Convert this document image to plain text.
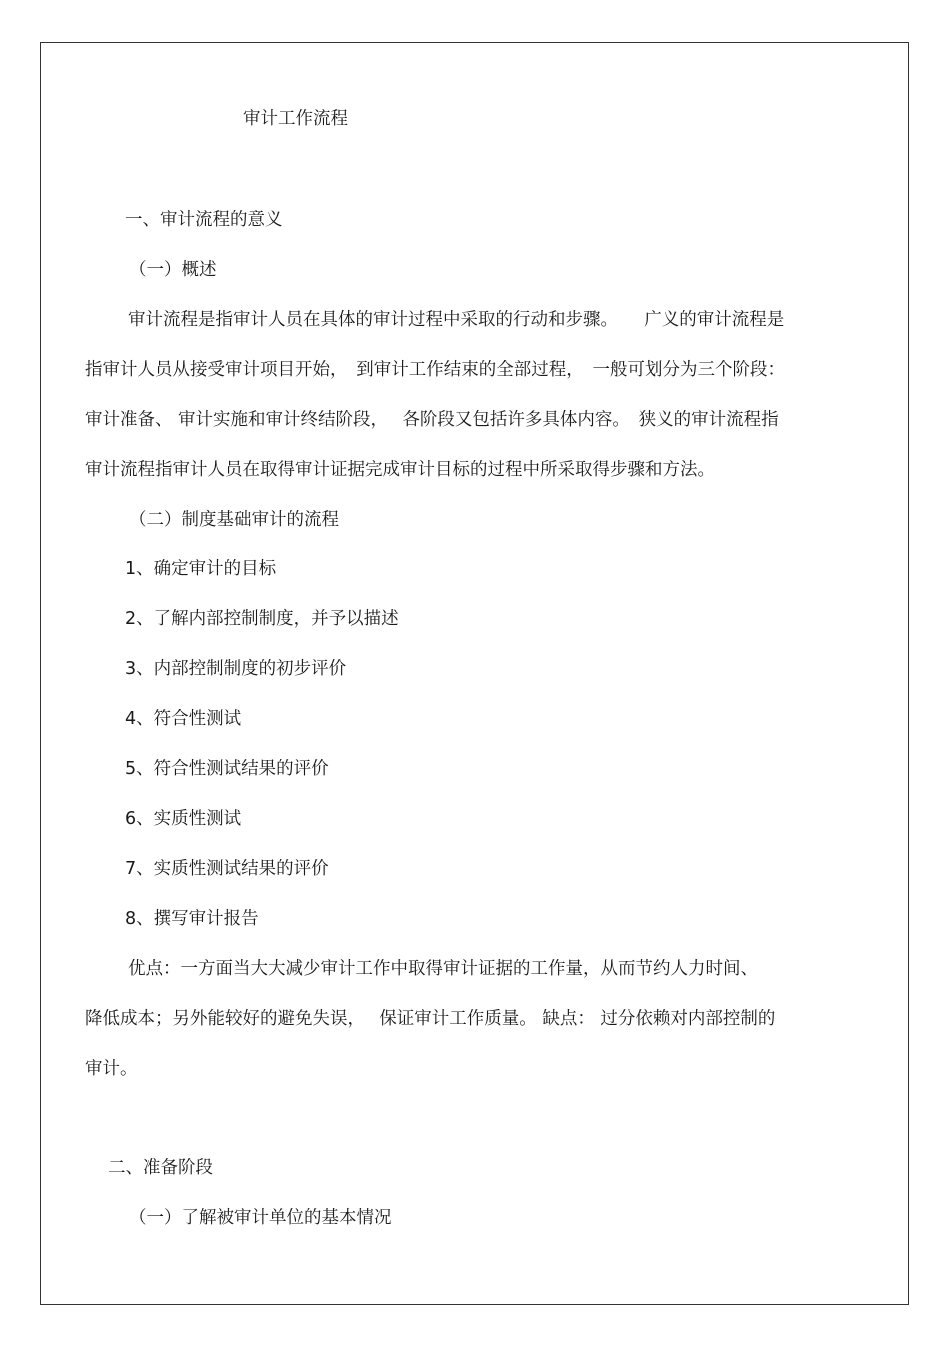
审计工作流程

一、审计流程的意义

（一）概述

审计流程是指审计人员在具体的审计过程中采取的行动和步骤。　　广义的审计流程是

指审计人员从接受审计项目开始，　到审计工作结束的全部过程，　一般可划分为三个阶段：

审计准备、 审计实施和审计终结阶段，　 各阶段又包括许多具体内容。　狭义的审计流程指

审计流程指审计人员在取得审计证据完成审计目标的过程中所采取得步骤和方法。

（二）制度基础审计的流程

1、确定审计的目标

2、了解内部控制制度，并予以描述

3、内部控制制度的初步评价

4、符合性测试

5、符合性测试结果的评价

6、实质性测试

7、实质性测试结果的评价

8、撰写审计报告

优点：一方面当大大减少审计工作中取得审计证据的工作量，从而节约人力时间、

降低成本；另外能较好的避免失误，　 保证审计工作质量。 缺点： 过分依赖对内部控制的

审计。

二、准备阶段

（一）了解被审计单位的基本情况
